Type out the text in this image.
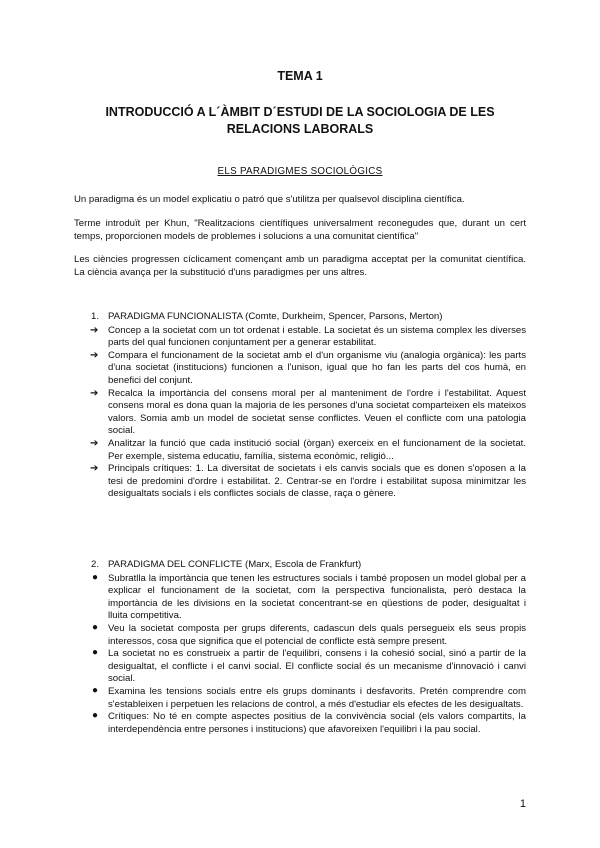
TEMA 1
INTRODUCCIÓ A L´ÀMBIT D´ESTUDI DE LA SOCIOLOGIA DE LES RELACIONS LABORALS
ELS PARADIGMES SOCIOLÒGICS

Un paradigma és un model explicatiu o patró que s'utilitza per qualsevol disciplina científica.

Terme introduït per Khun, "Realitzacions científiques universalment reconegudes que, durant un cert temps, proporcionen models de problemes i solucions a una comunitat científica"

Les ciències progressen cíclicament començant amb un paradigma acceptat per la comunitat científica. La ciència avança per la substitució d'uns paradigmes per uns altres.

1. PARADIGMA FUNCIONALISTA (Comte, Durkheim, Spencer, Parsons, Merton)
➔ Concep a la societat com un tot ordenat i estable. La societat és un sistema complex les diverses parts del qual funcionen conjuntament per a generar estabilitat.
➔ Compara el funcionament de la societat amb el d'un organisme viu (analogia orgànica): les parts d'una societat (institucions) funcionen a l'unison, igual que ho fan les parts del cos humà, en benefici del conjunt.
➔ Recalca la importància del consens moral per al manteniment de l'ordre i l'estabilitat. Aquest consens moral es dona quan la majoria de les persones d'una societat comparteixen els mateixos valors. Somia amb un model de societat sense conflictes. Veuen el conflicte com una patologia social.
➔ Analitzar la funció que cada institució social (òrgan) exerceix en el funcionament de la societat. Per exemple, sistema educatiu, família, sistema econòmic, religió...
➔ Principals crítiques: 1. La diversitat de societats i els canvis socials que es donen s'oposen a la tesi de predomini d'ordre i estabilitat. 2. Centrar-se en l'ordre i estabilitat suposa minimitzar les desigualtats socials i els conflictes socials de classe, raça o gènere.
2. PARADIGMA DEL CONFLICTE (Marx, Escola de Frankfurt)
● Subratlla la importància que tenen les estructures socials i també proposen un model global per a explicar el funcionament de la societat, com la perspectiva funcionalista, però destaca la importància de les divisions en la societat concentrant-se en qüestions de poder, desigualtat i lluita competitiva.
● Veu la societat composta per grups diferents, cadascun dels quals persegueix els seus propis interessos, cosa que significa que el potencial de conflicte està sempre present.
● La societat no es construeix a partir de l'equilibri, consens i la cohesió social, sinó a partir de la desigualtat, el conflicte i el canvi social. El conflicte social és un mecanisme d'innovació i canvi social.
● Examina les tensions socials entre els grups dominants i desfavorits. Pretén comprendre com s'estableixen i perpetuen les relacions de control, a més d'estudiar els efectes de les desigualtats.
● Crítiques: No té en compte aspectes positius de la convivència social (els valors compartits, la interdependència entre persones i institucions) que afavoreixen l'equilibri i la pau social.
1
